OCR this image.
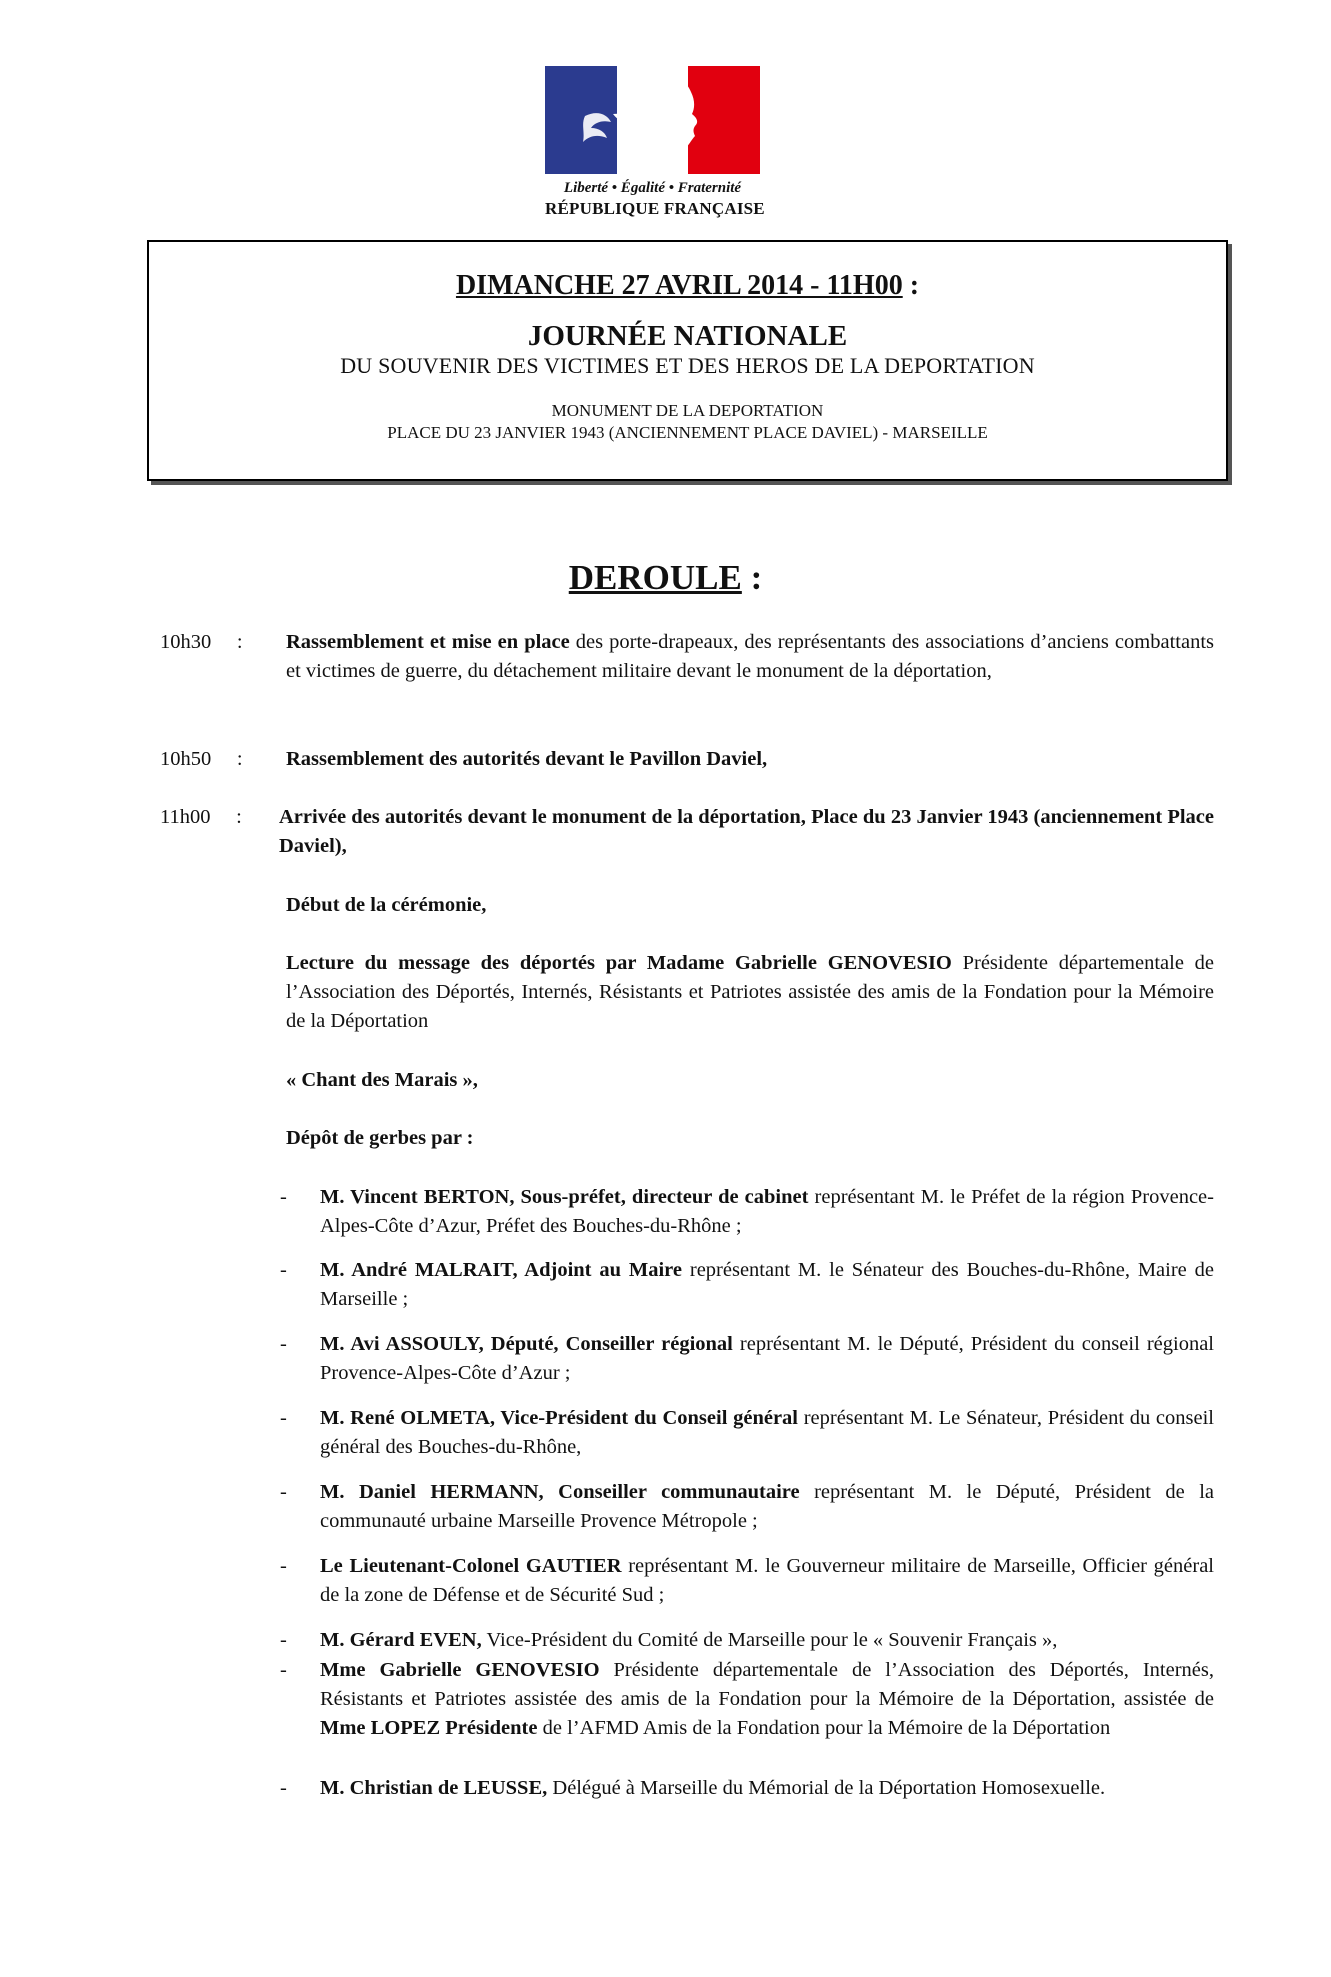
Liberté • Égalité • Fraternité
RÉPUBLIQUE FRANÇAISE
DIMANCHE 27 AVRIL 2014 - 11H00 :
JOURNÉE NATIONALE
DU SOUVENIR DES VICTIMES ET DES HEROS DE LA DEPORTATION
MONUMENT DE LA DEPORTATION
PLACE DU 23 JANVIER 1943 (ANCIENNEMENT PLACE DAVIEL) - MARSEILLE
DEROULE :
10h30 : Rassemblement et mise en place des porte-drapeaux, des représentants des associations d’anciens combattants et victimes de guerre, du détachement militaire devant le monument de la déportation,
10h50 : Rassemblement des autorités devant le Pavillon Daviel,
11h00 : Arrivée des autorités devant le monument de la déportation, Place du 23 Janvier 1943 (anciennement Place Daviel),
Début de la cérémonie,
Lecture du message des déportés par Madame Gabrielle GENOVESIO Présidente départementale de l’Association des Déportés, Internés, Résistants et Patriotes assistée des amis de la Fondation pour la Mémoire de la Déportation
« Chant des Marais »,
Dépôt de gerbes par :
- M. Vincent BERTON, Sous-préfet, directeur de cabinet représentant M. le Préfet de la région Provence-Alpes-Côte d’Azur, Préfet des Bouches-du-Rhône ;
- M. André MALRAIT, Adjoint au Maire représentant M. le Sénateur des Bouches-du-Rhône, Maire de Marseille ;
- M. Avi ASSOULY, Député, Conseiller régional représentant M. le Député, Président du conseil régional Provence-Alpes-Côte d’Azur ;
- M. René OLMETA, Vice-Président du Conseil général représentant M. Le Sénateur, Président du conseil général des Bouches-du-Rhône,
- M. Daniel HERMANN, Conseiller communautaire représentant M. le Député, Président de la communauté urbaine Marseille Provence Métropole ;
- Le Lieutenant-Colonel GAUTIER représentant M. le Gouverneur militaire de Marseille, Officier général de la zone de Défense et de Sécurité Sud ;
- M. Gérard EVEN, Vice-Président du Comité de Marseille pour le « Souvenir Français »,
- Mme Gabrielle GENOVESIO Présidente départementale de l’Association des Déportés, Internés, Résistants et Patriotes assistée des amis de la Fondation pour la Mémoire de la Déportation, assistée de Mme LOPEZ Présidente de l’AFMD Amis de la Fondation pour la Mémoire de la Déportation
- M. Christian de LEUSSE, Délégué à Marseille du Mémorial de la Déportation Homosexuelle.
